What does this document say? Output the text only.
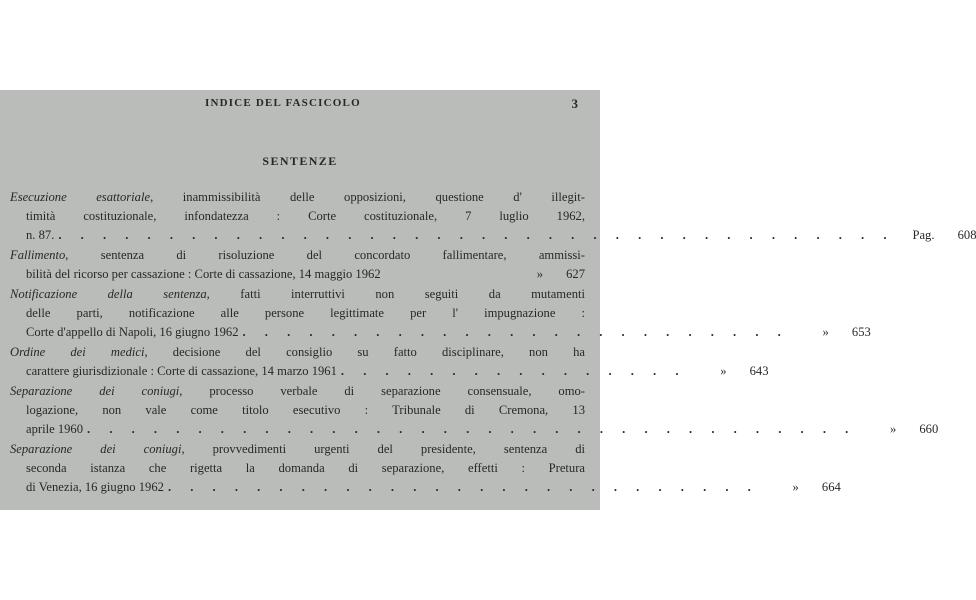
INDICE DEL FASCICOLO	3
SENTENZE
Esecuzione esattoriale, inammissibilità delle opposizioni, questione d' illegit-
timità costituzionale, infondatezza : Corte costituzionale, 7 luglio 1962,
n. 87. . . . . . . . . . . . . . . . . . . . . . . . . . . . . . . . . . . . . . .	Pag.	608
Fallimento, sentenza di risoluzione del concordato fallimentare, ammissi-
bilità del ricorso per cassazione : Corte di cassazione, 14 maggio 1962	»	627
Notificazione della sentenza, fatti interruttivi non seguiti da mutamenti
delle parti, notificazione alle persone legittimate per l' impugnazione :
Corte d'appello di Napoli, 16 giugno 1962 . . . . . . . . . . . . . . . . . . . . . . . . .	»	653
Ordine dei medici, decisione del consiglio su fatto disciplinare, non ha
carattere giurisdizionale : Corte di cassazione, 14 marzo 1961 . . . . . . . . . . . . . . . .	»	643
Separazione dei coniugi, processo verbale di separazione consensuale, omo-
logazione, non vale come titolo esecutivo : Tribunale di Cremona, 13
aprile 1960 . . . . . . . . . . . . . . . . . . . . . . . . . . . . . . . . . . .	»	660
Separazione dei coniugi, provvedimenti urgenti del presidente, sentenza di
seconda istanza che rigetta la domanda di separazione, effetti : Pretura
di Venezia, 16 giugno 1962 . . . . . . . . . . . . . . . . . . . . . . . . . . .	»	664
